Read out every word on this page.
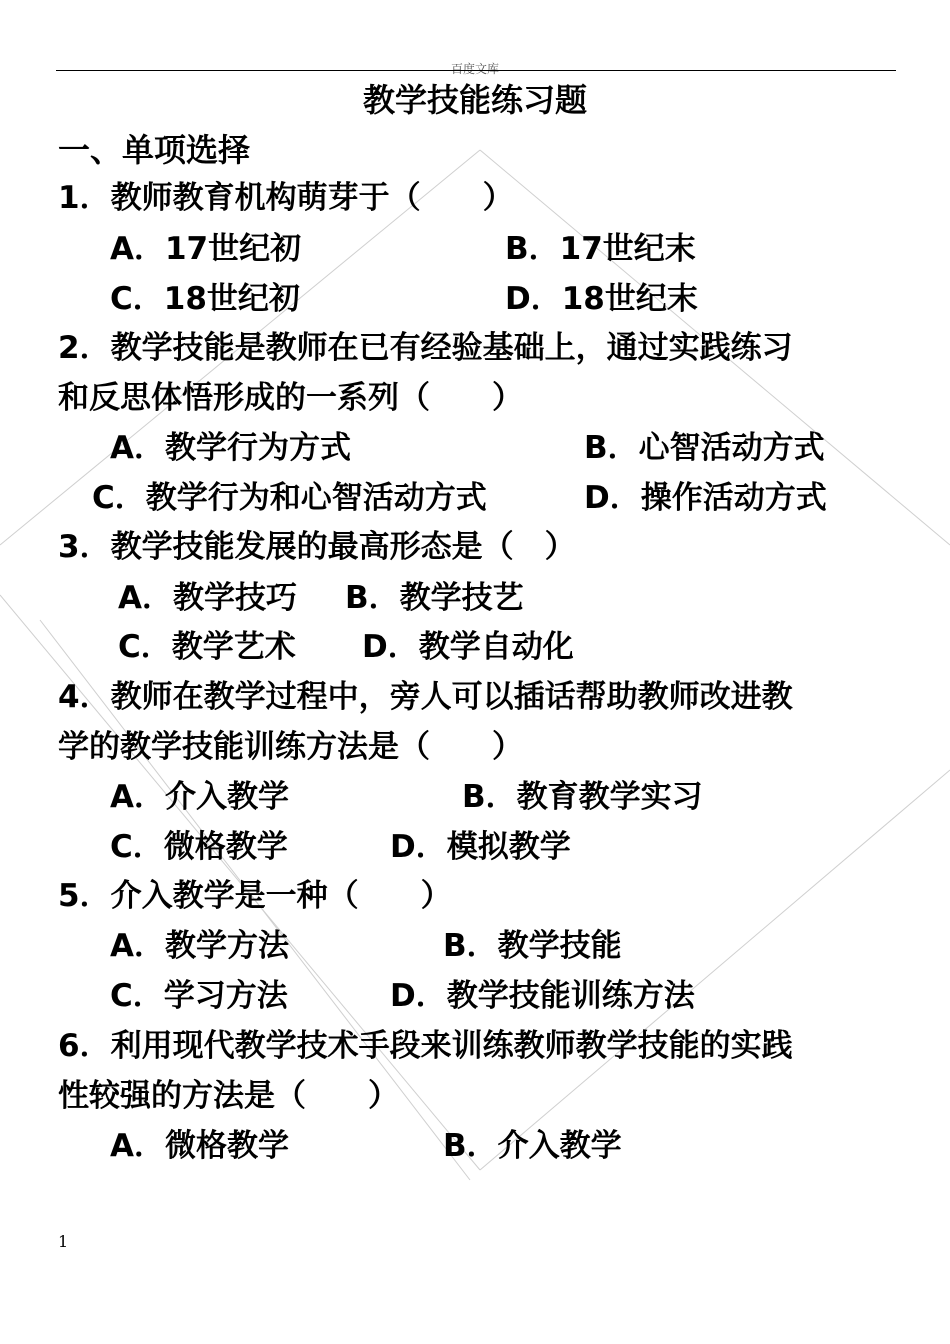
百度文库
教学技能练习题
一、单项选择
1．教师教育机构萌芽于（　　）
A．17世纪初	B．17世纪末
C．18世纪初	D．18世纪末
2．教学技能是教师在已有经验基础上，通过实践练习
和反思体悟形成的一系列（　　）
A．教学行为方式	B．心智活动方式
C．教学行为和心智活动方式	D．操作活动方式
3．教学技能发展的最高形态是（　）
A．教学技巧 B．教学技艺
C．教学艺术 D．教学自动化
4．教师在教学过程中，旁人可以插话帮助教师改进教
学的教学技能训练方法是（　　）
A．介入教学	B．教育教学实习
C．微格教学	D．模拟教学
5．介入教学是一种（　　）
A．教学方法	B．教学技能
C．学习方法	D．教学技能训练方法
6．利用现代教学技术手段来训练教师教学技能的实践
性较强的方法是（　　）
A．微格教学	B．介入教学
1
